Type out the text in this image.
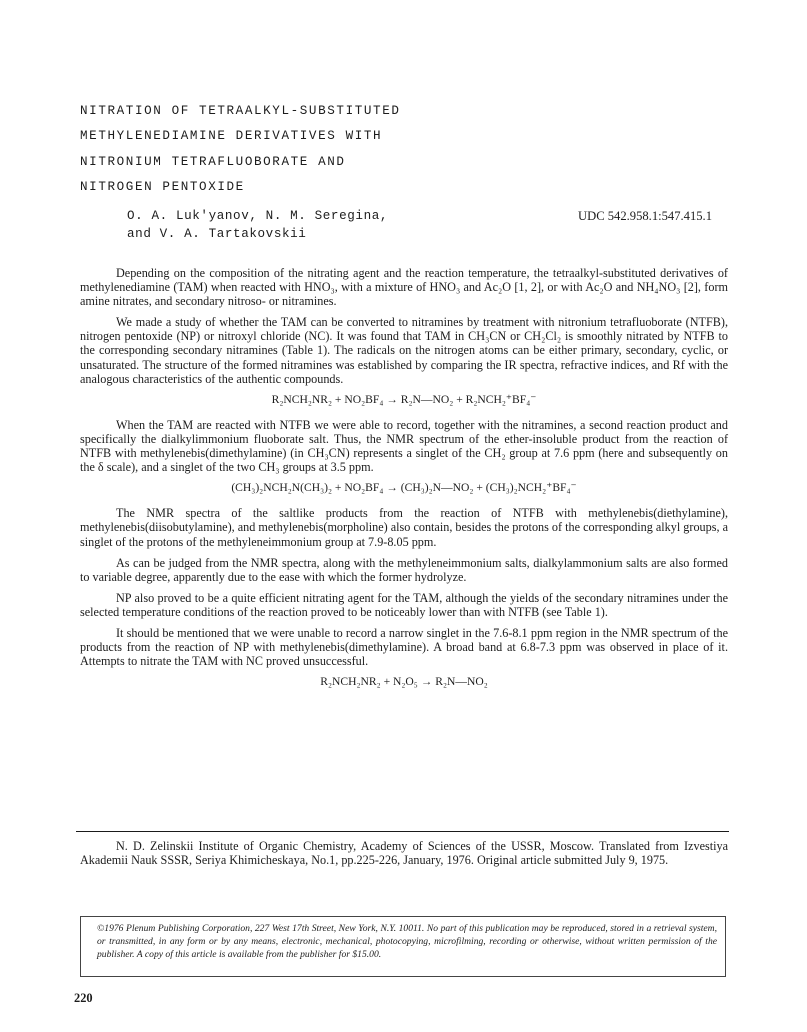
NITRATION OF TETRAALKYL-SUBSTITUTED
METHYLENEDIAMINE DERIVATIVES WITH
NITRONIUM TETRAFLUOBORATE AND
NITROGEN PENTOXIDE
O. A. Luk'yanov, N. M. Seregina,
and V. A. Tartakovskii
UDC 542.958.1:547.415.1

Depending on the composition of the nitrating agent and the reaction temperature, the tetraalkyl-substituted derivatives of methylenediamine (TAM) when reacted with HNO₃, with a mixture of HNO₃ and Ac₂O [1, 2], or with Ac₂O and NH₄NO₃ [2], form amine nitrates, and secondary nitroso- or nitramines.

We made a study of whether the TAM can be converted to nitramines by treatment with nitronium tetrafluoborate (NTFB), nitrogen pentoxide (NP) or nitroxyl chloride (NC). It was found that TAM in CH₃CN or CH₂Cl₂ is smoothly nitrated by NTFB to the corresponding secondary nitramines (Table 1). The radicals on the nitrogen atoms can be either primary, secondary, cyclic, or unsaturated. The structure of the formed nitramines was established by comparing the IR spectra, refractive indices, and Rf with the analogous characteristics of the authentic compounds.

R₂NCH₂NR₂ + NO₂BF₄ → R₂N—NO₂ + R₂NCH₂⁺BF₄⁻

When the TAM are reacted with NTFB we were able to record, together with the nitramines, a second reaction product and specifically the dialkylimmonium fluoborate salt. Thus, the NMR spectrum of the ether-insoluble product from the reaction of NTFB with methylenebis(dimethylamine) (in CH₃CN) represents a singlet of the CH₂ group at 7.6 ppm (here and subsequently on the δ scale), and a singlet of the two CH₃ groups at 3.5 ppm.

(CH₃)₂NCH₂N(CH₃)₂ + NO₂BF₄ → (CH₃)₂N—NO₂ + (CH₃)₂NCH₂⁺BF₄⁻

The NMR spectra of the saltlike products from the reaction of NTFB with methylenebis(diethylamine), methylenebis(diisobutylamine), and methylenebis(morpholine) also contain, besides the protons of the corresponding alkyl groups, a singlet of the protons of the methyleneimmonium group at 7.9-8.05 ppm.

As can be judged from the NMR spectra, along with the methyleneimmonium salts, dialkylammonium salts are also formed to variable degree, apparently due to the ease with which the former hydrolyze.

NP also proved to be a quite efficient nitrating agent for the TAM, although the yields of the secondary nitramines under the selected temperature conditions of the reaction proved to be noticeably lower than with NTFB (see Table 1).

It should be mentioned that we were unable to record a narrow singlet in the 7.6-8.1 ppm region in the NMR spectrum of the products from the reaction of NP with methylenebis(dimethylamine). A broad band at 6.8-7.3 ppm was observed in place of it. Attempts to nitrate the TAM with NC proved unsuccessful.

R₂NCH₂NR₂ + N₂O₅ → R₂N—NO₂
N. D. Zelinskii Institute of Organic Chemistry, Academy of Sciences of the USSR, Moscow. Translated from Izvestiya Akademii Nauk SSSR, Seriya Khimicheskaya, No.1, pp.225-226, January, 1976. Original article submitted July 9, 1975.
©1976 Plenum Publishing Corporation, 227 West 17th Street, New York, N.Y. 10011. No part of this publication may be reproduced, stored in a retrieval system, or transmitted, in any form or by any means, electronic, mechanical, photocopying, microfilming, recording or otherwise, without written permission of the publisher. A copy of this article is available from the publisher for $15.00.
220
